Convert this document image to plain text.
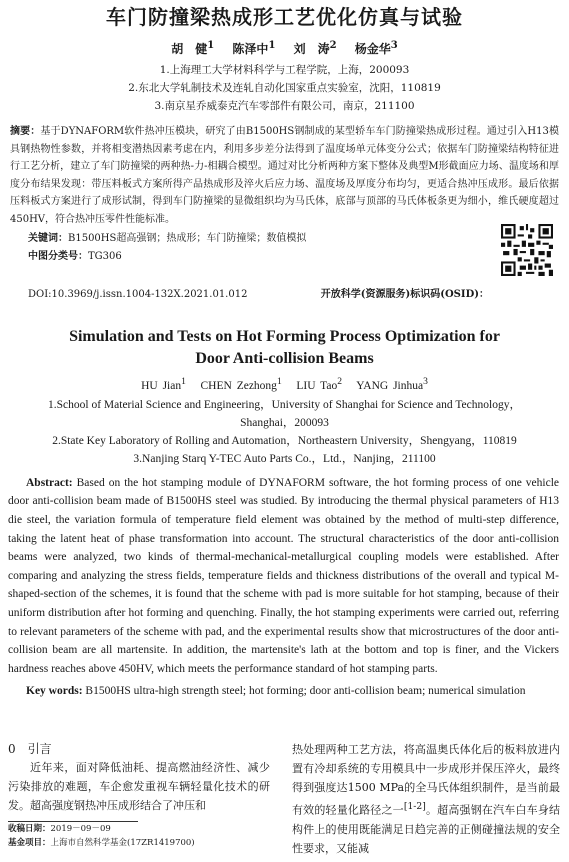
车门防撞梁热成形工艺优化仿真与试验
胡　健$^1$ 陈泽中$^1$ 刘　涛$^2$ 杨金华$^3$
1.上海理工大学材料科学与工程学院，上海，200093
2.东北大学轧制技术及连轧自动化国家重点实验室，沈阳，110819
3.南京星乔威泰克汽车零部件有限公司，南京，211100
摘要：基于DYNAFORM软件热冲压模块，研究了由B1500HS钢制成的某型轿车车门防撞梁热成形过程。通过引入H13模具钢热物性参数，并将相变潜热因素考虑在内，利用多步差分法得到了温度场单元体变分公式；依据车门防撞梁结构特征进行工艺分析，建立了车门防撞梁的两种热-力-相耦合模型。通过对比分析两种方案下整体及典型M形截面应力场、温度场和厚度分布结果发现：带压料板式方案所得产品热成形及淬火后应力场、温度场及厚度分布均匀，更适合热冲压成形。最后依据压料板式方案进行了成形试制，得到车门防撞梁的显微组织均为马氏体，底部与顶部的马氏体板条更为细小，维氏硬度超过450HV，符合热冲压零件性能标准。
关键词：B1500HS超高强钢；热成形；车门防撞梁；数值模拟
中图分类号：TG306
DOI:10.3969/j.issn.1004-132X.2021.01.012	开放科学(资源服务)标识码(OSID)：
Simulation and Tests on Hot Forming Process Optimization for
Door Anti-collision Beams
HU Jian$^1$ CHEN Zezhong$^1$ LIU Tao$^2$ YANG Jinhua$^3$
1.School of Material Science and Engineering，University of Shanghai for Science and Technology，
Shanghai，200093
2.State Key Laboratory of Rolling and Automation，Northeastern University，Shengyang，110819
3.Nanjing Starq Y-TEC Auto Parts Co.，Ltd.，Nanjing，211100
Abstract: Based on the hot stamping module of DYNAFORM software, the hot forming process of one vehicle door anti-collision beam made of B1500HS steel was studied. By introducing the thermal physical parameters of H13 die steel, the variation formula of temperature field element was obtained by the method of multi-step difference, taking the latent heat of phase transformation into account. The structural characteristics of the door anti-collision beams were analyzed, two kinds of thermal-mechanical-metallurgical coupling models were established. After comparing and analyzing the stress fields, temperature fields and thickness distributions of the overall and typical M-shaped-section of the schemes, it is found that the scheme with pad is more suitable for hot stamping, because of their uniform distribution after hot forming and quenching. Finally, the hot stamping experiments were carried out, referring to relevant parameters of the scheme with pad, and the experimental results show that microstructures of the door anti-collision beam are all martensite. In addition, the martensite's lath at the bottom and top is finer, and the Vickers hardness reaches above 450HV, which meets the performance standard of hot stamping parts.
Key words: B1500HS ultra-high strength steel; hot forming; door anti-collision beam; numerical simulation
0　引言
近年来，面对降低油耗、提高燃油经济性、减少污染排放的难题，车企愈发重视车辆轻量化技术的研发。超高强度钢热冲压成形结合了冲压和
收稿日期：2019－09－09
基金项目：上海市自然科学基金(17ZR1419700)
热处理两种工艺方法，将高温奥氏体化后的板料放进内置有冷却系统的专用模具中一步成形并保压淬火，最终得到强度达1500 MPa的全马氏体组织制件，是当前最有效的轻量化路径之一[1-2]。超高强钢在汽车白车身结构件上的使用既能满足日趋完善的正侧碰撞法规的安全性要求，又能减
